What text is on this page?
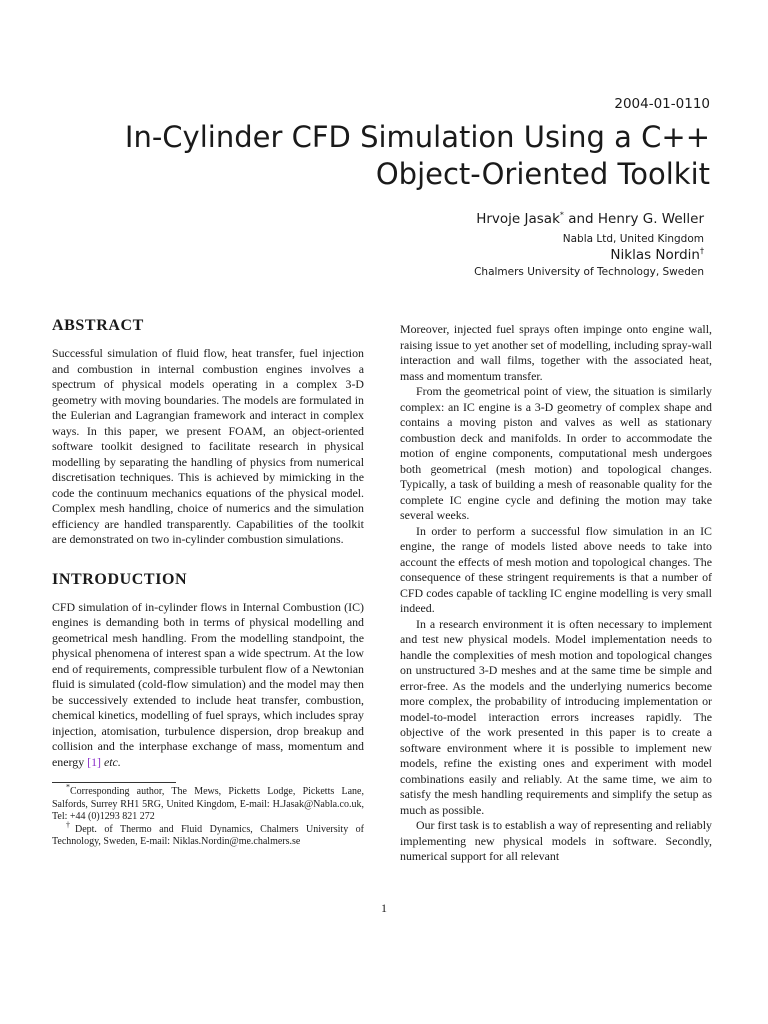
2004-01-0110
In-Cylinder CFD Simulation Using a C++
Object-Oriented Toolkit
Hrvoje Jasak* and Henry G. Weller
Nabla Ltd, United Kingdom
Niklas Nordin†
Chalmers University of Technology, Sweden
ABSTRACT

Successful simulation of fluid flow, heat transfer, fuel injection and combustion in internal combustion engines involves a spectrum of physical models operating in a complex 3-D geometry with moving boundaries. The models are formulated in the Eulerian and Lagrangian framework and interact in complex ways. In this paper, we present FOAM, an object-oriented software toolkit designed to facilitate research in physical modelling by separating the handling of physics from numerical discretisation techniques. This is achieved by mimicking in the code the continuum mechanics equations of the physical model. Complex mesh handling, choice of numerics and the simulation efficiency are handled transparently. Capabilities of the toolkit are demonstrated on two in-cylinder combustion simulations.

INTRODUCTION

CFD simulation of in-cylinder flows in Internal Combustion (IC) engines is demanding both in terms of physical modelling and geometrical mesh handling. From the modelling standpoint, the physical phenomena of interest span a wide spectrum. At the low end of requirements, compressible turbulent flow of a Newtonian fluid is simulated (cold-flow simulation) and the model may then be successively extended to include heat transfer, combustion, chemical kinetics, modelling of fuel sprays, which includes spray injection, atomisation, turbulence dispersion, drop breakup and collision and the interphase exchange of mass, momentum and energy [1] etc.

*Corresponding author, The Mews, Picketts Lodge, Picketts Lane, Salfords, Surrey RH1 5RG, United Kingdom, E-mail: H.Jasak@Nabla.co.uk, Tel: +44 (0)1293 821 272

†Dept. of Thermo and Fluid Dynamics, Chalmers University of Technology, Sweden, E-mail: Niklas.Nordin@me.chalmers.se

Moreover, injected fuel sprays often impinge onto engine wall, raising issue to yet another set of modelling, including spray-wall interaction and wall films, together with the associated heat, mass and momentum transfer.

From the geometrical point of view, the situation is similarly complex: an IC engine is a 3-D geometry of complex shape and contains a moving piston and valves as well as stationary combustion deck and manifolds. In order to accommodate the motion of engine components, computational mesh undergoes both geometrical (mesh motion) and topological changes. Typically, a task of building a mesh of reasonable quality for the complete IC engine cycle and defining the motion may take several weeks.

In order to perform a successful flow simulation in an IC engine, the range of models listed above needs to take into account the effects of mesh motion and topological changes. The consequence of these stringent requirements is that a number of CFD codes capable of tackling IC engine modelling is very small indeed.

In a research environment it is often necessary to implement and test new physical models. Model implementation needs to handle the complexities of mesh motion and topological changes on unstructured 3-D meshes and at the same time be simple and error-free. As the models and the underlying numerics become more complex, the probability of introducing implementation or model-to-model interaction errors increases rapidly. The objective of the work presented in this paper is to create a software environment where it is possible to implement new models, refine the existing ones and experiment with model combinations easily and reliably. At the same time, we aim to satisfy the mesh handling requirements and simplify the setup as much as possible.

Our first task is to establish a way of representing and reliably implementing new physical models in software. Secondly, numerical support for all relevant

1
